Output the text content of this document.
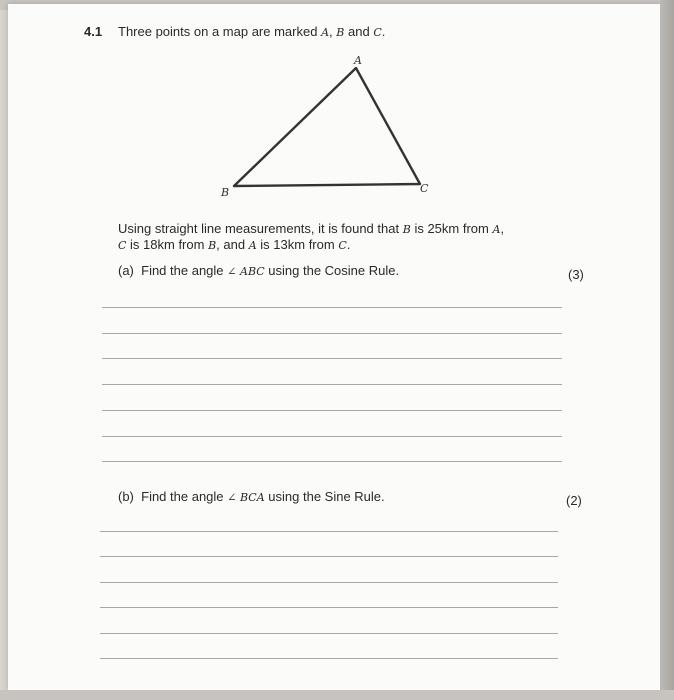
4.1 Three points on a map are marked A, B and C.
A
B	C
Using straight line measurements, it is found that B is 25km from A,
C is 18km from B, and A is 13km from C.
(a) Find the angle ∠ ABC using the Cosine Rule.	(3)
(b) Find the angle ∠ BCA using the Sine Rule.	(2)
